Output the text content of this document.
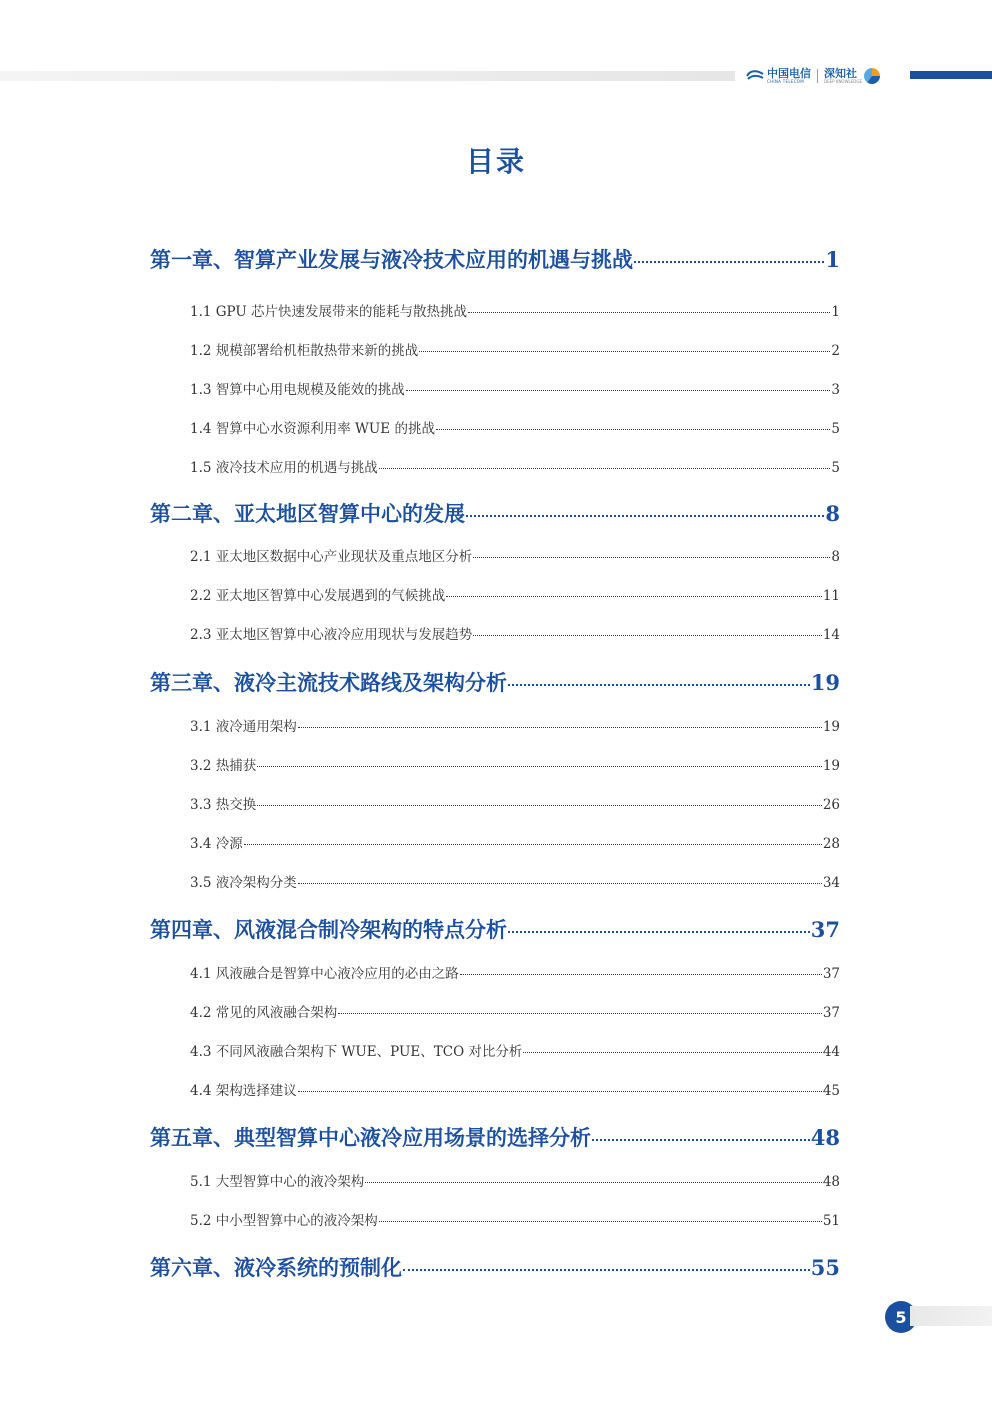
中国电信
CHINA TELECOM
深知社
DEEP KNOWLEDGE
目录
第一章、智算产业发展与液冷技术应用的机遇与挑战	1
1.1 GPU 芯片快速发展带来的能耗与散热挑战	1
1.2 规模部署给机柜散热带来新的挑战	2
1.3 智算中心用电规模及能效的挑战	3
1.4 智算中心水资源利用率 WUE 的挑战	5
1.5 液冷技术应用的机遇与挑战	5
第二章、亚太地区智算中心的发展	8
2.1 亚太地区数据中心产业现状及重点地区分析	8
2.2 亚太地区智算中心发展遇到的气候挑战	11
2.3 亚太地区智算中心液冷应用现状与发展趋势	14
第三章、液冷主流技术路线及架构分析	19
3.1 液冷通用架构	19
3.2 热捕获	19
3.3 热交换	26
3.4 冷源	28
3.5 液冷架构分类	34
第四章、风液混合制冷架构的特点分析	37
4.1 风液融合是智算中心液冷应用的必由之路	37
4.2 常见的风液融合架构	37
4.3 不同风液融合架构下 WUE、PUE、TCO 对比分析	44
4.4 架构选择建议	45
第五章、典型智算中心液冷应用场景的选择分析	48
5.1 大型智算中心的液冷架构	48
5.2 中小型智算中心的液冷架构	51
第六章、液冷系统的预制化	55
5
